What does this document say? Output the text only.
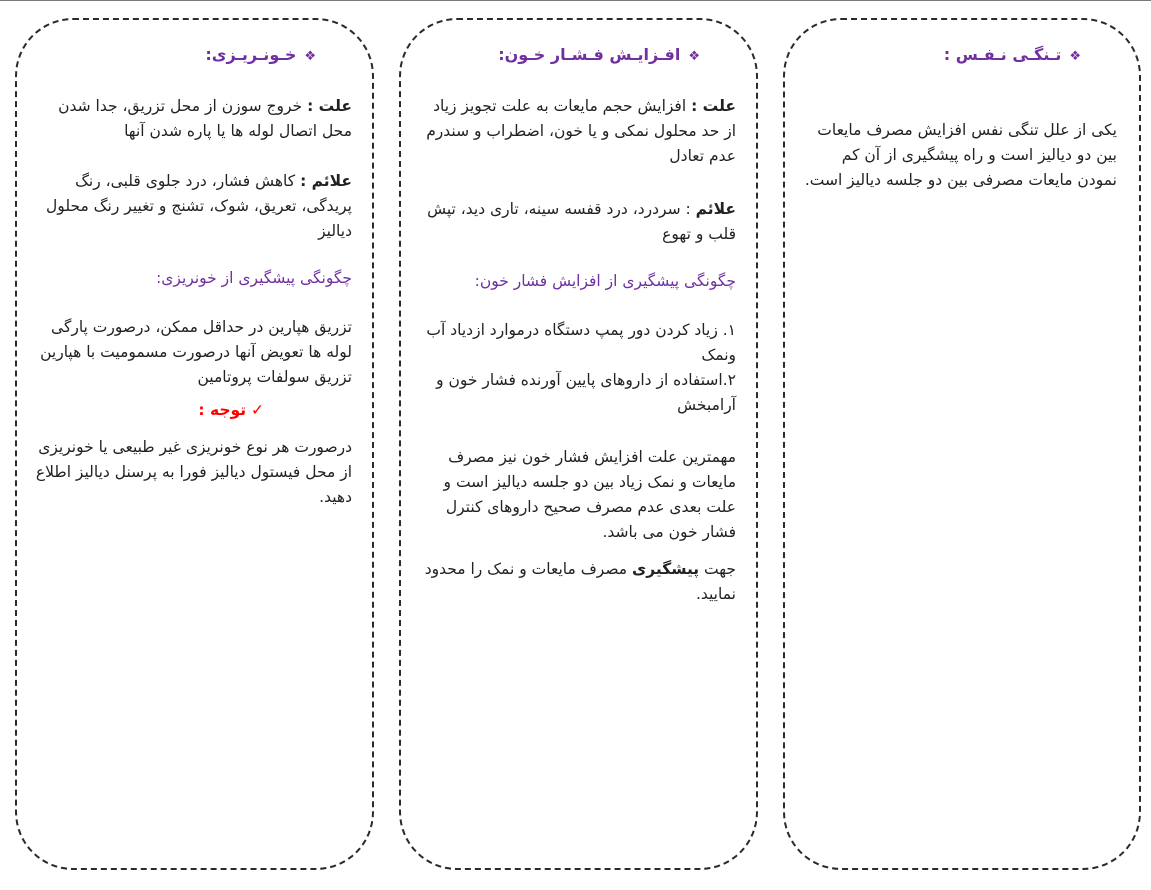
❖تـنگـی نـفـس :

یکی از علل تنگی نفس افزایش مصرف مایعات بین دو دیالیز است و راه پیشگیری از آن کم نمودن مایعات مصرفی بین دو جلسه دیالیز است.

❖افـزایـش فـشـار خـون:

علت : افزایش حجم مایعات به علت تجویز زیاد از حد محلول نمکی و یا خون، اضطراب و سندرم عدم تعادل

علائم : سردرد، درد قفسه سینه، تاری دید، تپش قلب و تهوع

چگونگی پیشگیری از افزایش فشار خون:

۱. زیاد کردن دور پمپ دستگاه درموارد ازدیاد آب ونمک

۲.استفاده از داروهای پایین آورنده فشار خون و آرامبخش

مهمترین علت افزایش فشار خون نیز مصرف مایعات و نمک زیاد بین دو جلسه دیالیز است و علت بعدی عدم مصرف صحیح داروهای کنترل فشار خون می باشد.

جهت پیشگیری مصرف مایعات و نمک را محدود نمایید.

❖خـونـریـزی:

علت : خروج سوزن از محل تزریق، جدا شدن محل اتصال لوله ها یا پاره شدن آنها

علائم : کاهش فشار، درد جلوی قلبی، رنگ پریدگی، تعریق، شوک، تشنج و تغییر رنگ محلول دیالیز

چگونگی پیشگیری از خونریزی:

تزریق هپارین در حداقل ممکن، درصورت پارگی لوله ها تعویض آنها درصورت مسمومیت با هپارین تزریق سولفات پروتامین

✓ توجه :

درصورت هر نوع خونریزی غیر طبیعی یا خونریزی از محل فیستول دیالیز فورا به پرسنل دیالیز اطلاع دهید.
